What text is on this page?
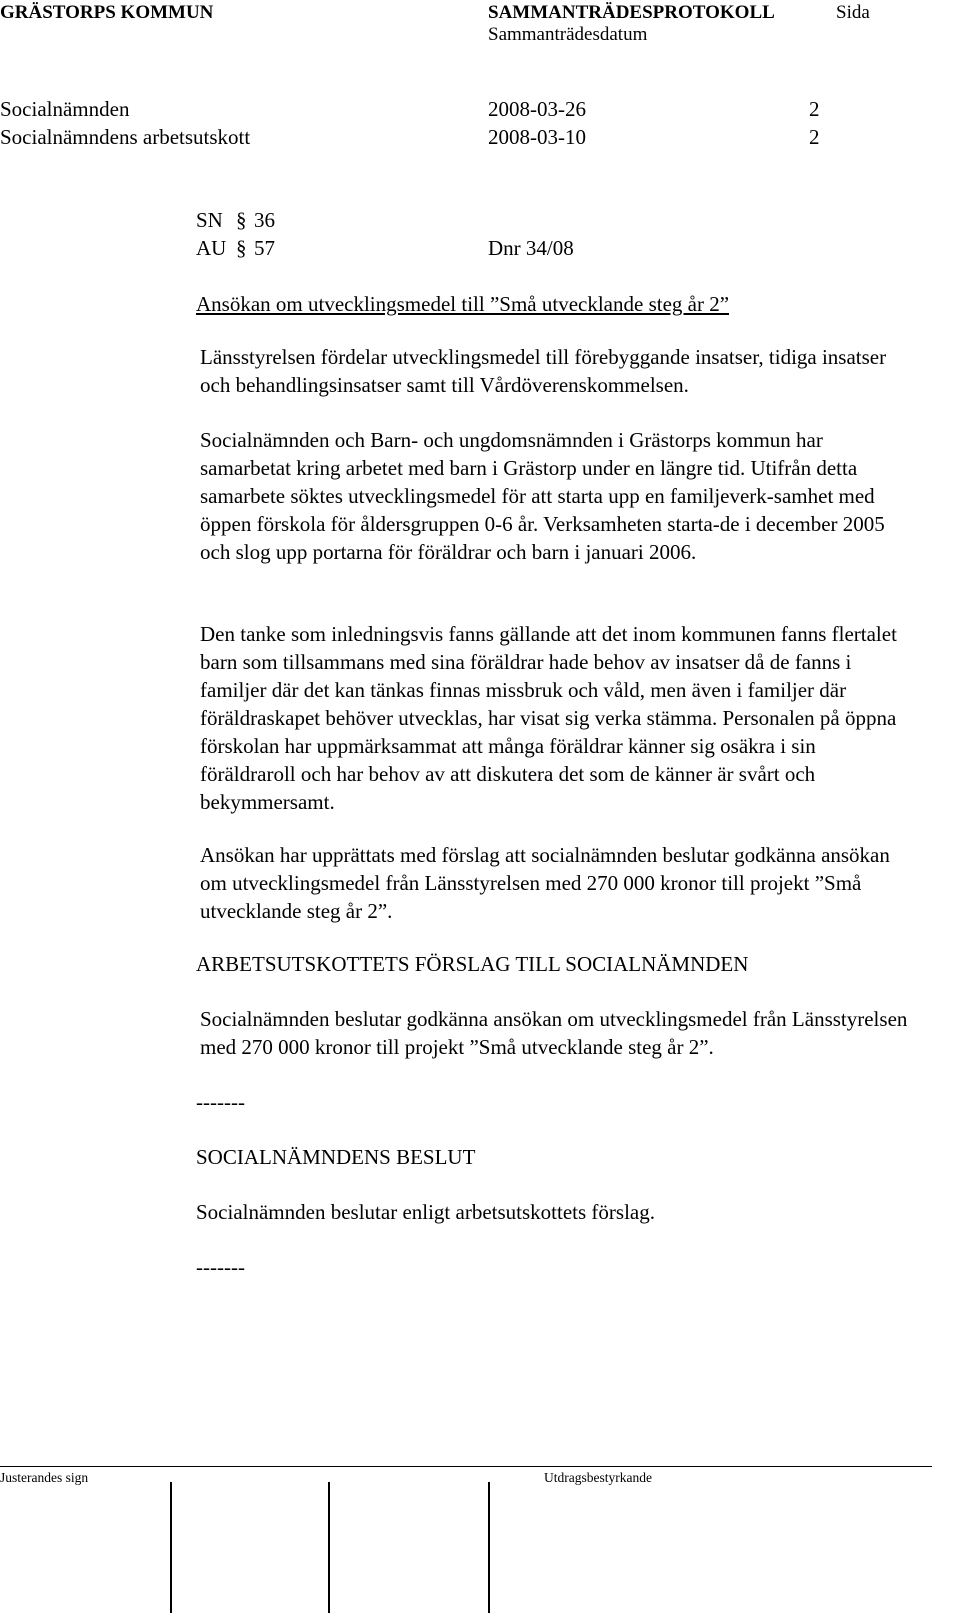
GRÄSTORPS KOMMUN	SAMMANTRÄDESPROTOKOLL	Sida
Sammanträdesdatum
Socialnämnden	2008-03-26	2
Socialnämndens arbetsutskott	2008-03-10	2
SN § 36
AU § 57	Dnr 34/08
Ansökan om utvecklingsmedel till ”Små utvecklande steg år 2”

Länsstyrelsen fördelar utvecklingsmedel till förebyggande insatser, tidiga insatser och behandlingsinsatser samt till Vårdöverenskommelsen.

Socialnämnden och Barn- och ungdomsnämnden i Grästorps kommun har samarbetat kring arbetet med barn i Grästorp under en längre tid. Utifrån detta samarbete söktes utvecklingsmedel för att starta upp en familjeverk-samhet med öppen förskola för åldersgruppen 0-6 år. Verksamheten starta-de i december 2005 och slog upp portarna för föräldrar och barn i januari 2006.

Den tanke som inledningsvis fanns gällande att det inom kommunen fanns flertalet barn som tillsammans med sina föräldrar hade behov av insatser då de fanns i familjer där det kan tänkas finnas missbruk och våld, men även i familjer där föräldraskapet behöver utvecklas, har visat sig verka stämma. Personalen på öppna förskolan har uppmärksammat att många föräldrar känner sig osäkra i sin föräldraroll och har behov av att diskutera det som de känner är svårt och bekymmersamt.

Ansökan har upprättats med förslag att socialnämnden beslutar godkänna ansökan om utvecklingsmedel från Länsstyrelsen med 270 000 kronor till projekt ”Små utvecklande steg år 2”.

ARBETSUTSKOTTETS FÖRSLAG TILL SOCIALNÄMNDEN

Socialnämnden beslutar godkänna ansökan om utvecklingsmedel från Länsstyrelsen med 270 000 kronor till projekt ”Små utvecklande steg år 2”.

-------
SOCIALNÄMNDENS BESLUT
Socialnämnden beslutar enligt arbetsutskottets förslag.
-------
Justerandes sign	Utdragsbestyrkande
